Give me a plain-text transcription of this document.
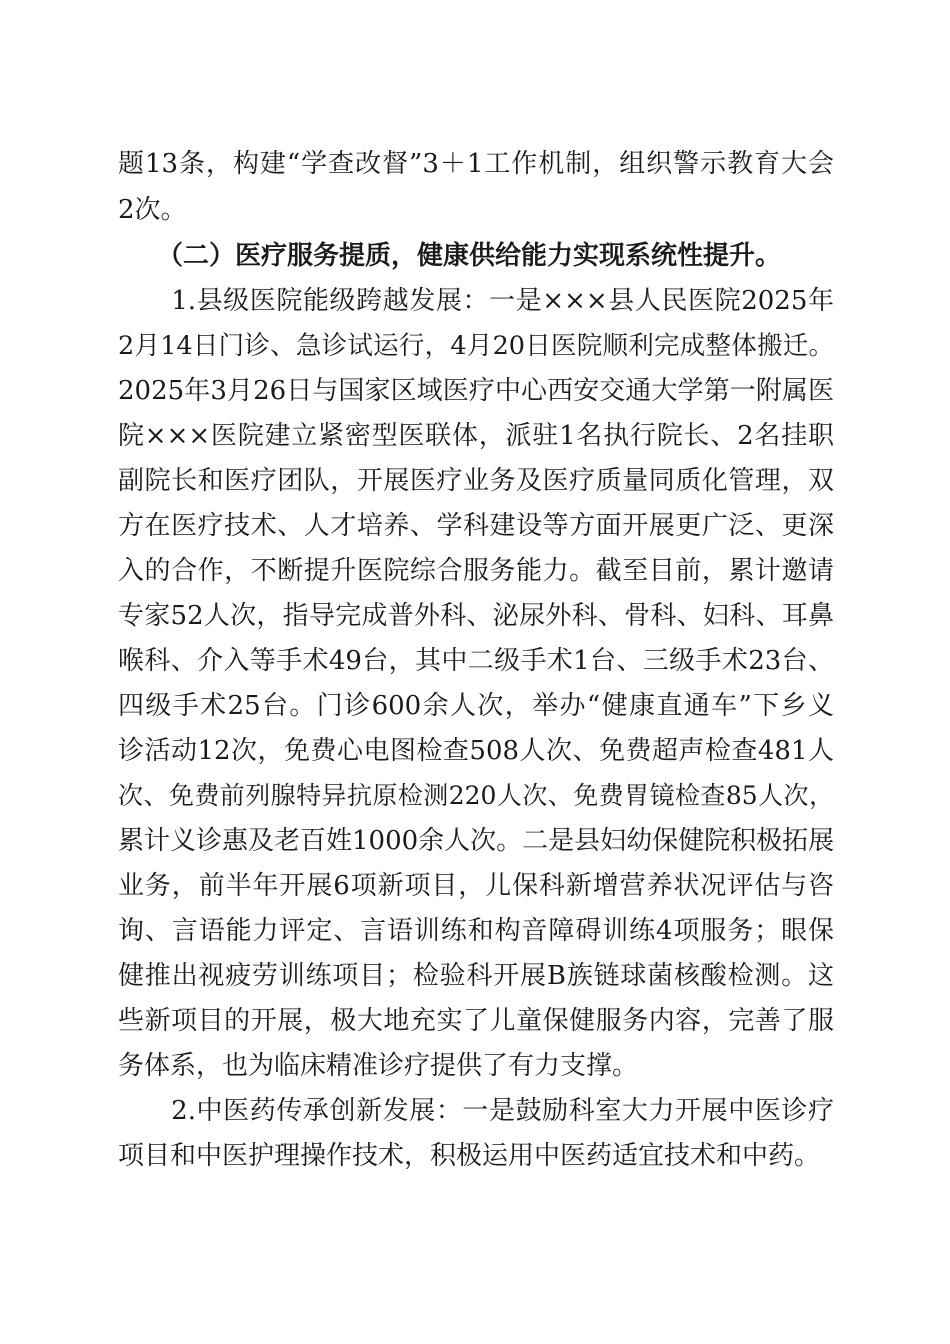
题13条，构建“学查改督”3＋1工作机制，组织警示教育大会
2次。
　　（二）医疗服务提质，健康供给能力实现系统性提升。
　　1.县级医院能级跨越发展：一是×××县人民医院2025年
2月14日门诊、急诊试运行，4月20日医院顺利完成整体搬迁。
2025年3月26日与国家区域医疗中心西安交通大学第一附属医
院×××医院建立紧密型医联体，派驻1名执行院长、2名挂职
副院长和医疗团队，开展医疗业务及医疗质量同质化管理，双
方在医疗技术、人才培养、学科建设等方面开展更广泛、更深
入的合作，不断提升医院综合服务能力。截至目前，累计邀请
专家52人次，指导完成普外科、泌尿外科、骨科、妇科、耳鼻
喉科、介入等手术49台，其中二级手术1台、三级手术23台、
四级手术25台。门诊600余人次，举办“健康直通车”下乡义
诊活动12次，免费心电图检查508人次、免费超声检查481人
次、免费前列腺特异抗原检测220人次、免费胃镜检查85人次，
累计义诊惠及老百姓1000余人次。二是县妇幼保健院积极拓展
业务，前半年开展6项新项目，儿保科新增营养状况评估与咨
询、言语能力评定、言语训练和构音障碍训练4项服务；眼保
健推出视疲劳训练项目；检验科开展B族链球菌核酸检测。这
些新项目的开展，极大地充实了儿童保健服务内容，完善了服
务体系，也为临床精准诊疗提供了有力支撑。
　　2.中医药传承创新发展：一是鼓励科室大力开展中医诊疗
项目和中医护理操作技术，积极运用中医药适宜技术和中药。
